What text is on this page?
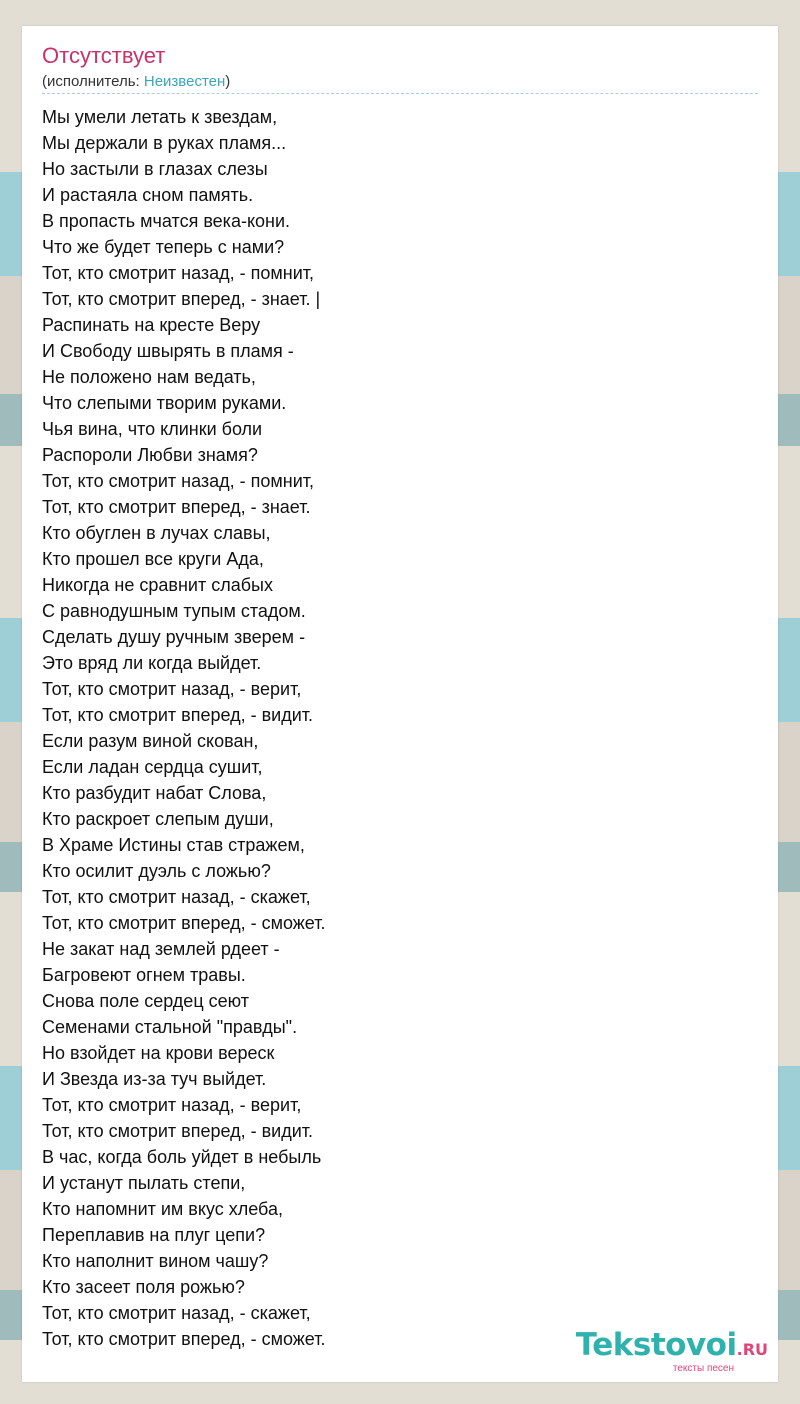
Отсутствует
(исполнитель: Неизвестен)
Мы умели летать к звездам,
Мы держали в руках пламя...
Но застыли в глазах слезы
И растаяла сном память.
В пропасть мчатся века-кони.
Что же будет теперь с нами?
Тот, кто смотрит назад, - помнит,
Тот, кто смотрит вперед, - знает. |
Распинать на кресте Веру
И Свободу швырять в пламя -
Не положено нам ведать,
Что слепыми творим руками.
Чья вина, что клинки боли
Распороли Любви знамя?
Тот, кто смотрит назад, - помнит,
Тот, кто смотрит вперед, - знает.
Кто обуглен в лучах славы,
Кто прошел все круги Ада,
Никогда не сравнит слабых
С равнодушным тупым стадом.
Сделать душу ручным зверем -
Это вряд ли когда выйдет.
Тот, кто смотрит назад, - верит,
Тот, кто смотрит вперед, - видит.
Если разум виной скован,
Если ладан сердца сушит,
Кто разбудит набат Слова,
Кто раскроет слепым души,
В Храме Истины став стражем,
Кто осилит дуэль с ложью?
Тот, кто смотрит назад, - скажет,
Тот, кто смотрит вперед, - сможет.
Не закат над землей рдеет -
Багровеют огнем травы.
Снова поле сердец сеют
Семенами стальной "правды".
Но взойдет на крови вереск
И Звезда из-за туч выйдет.
Тот, кто смотрит назад, - верит,
Тот, кто смотрит вперед, - видит.
В час, когда боль уйдет в небыль
И устанут пылать степи,
Кто напомнит им вкус хлеба,
Переплавив на плуг цепи?
Кто наполнит вином чашу?
Кто засеет поля рожью?
Тот, кто смотрит назад, - скажет,
Тот, кто смотрит вперед, - сможет.	Tekstovoi.RU
тексты песен
